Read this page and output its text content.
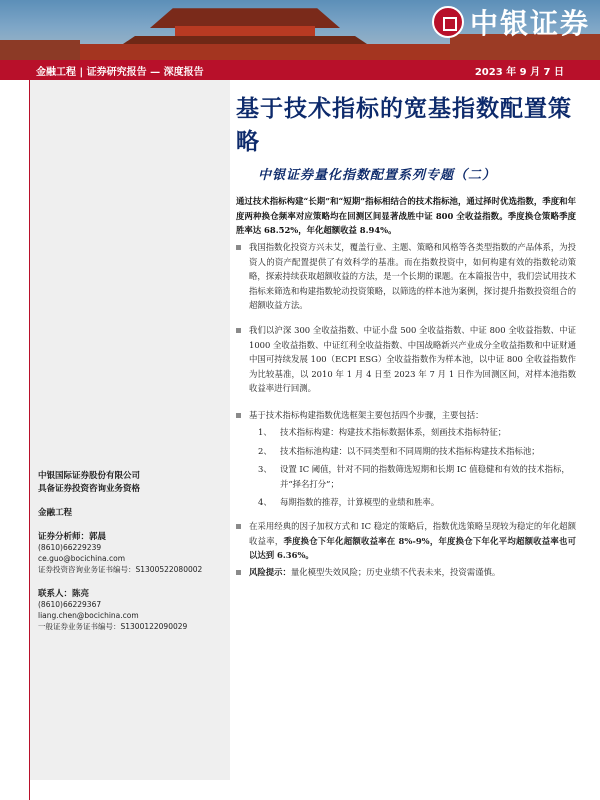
中银证券
金融工程 | 证券研究报告 — 深度报告	2023 年 9 月 7 日
基于技术指标的宽基指数配置策略
中银证券量化指数配置系列专题（二）
通过技术指标构建“长期”和“短期”指标相结合的技术指标池，通过择时优选指数，季度和年度两种换仓频率对应策略均在回测区间显著战胜中证 800 全收益指数。季度换仓策略季度胜率达 68.52%，年化超额收益 8.94%。
我国指数化投资方兴未艾，覆盖行业、主题、策略和风格等各类型指数的产品体系，为投资人的资产配置提供了有效科学的基准。而在指数投资中，如何构建有效的指数轮动策略，探索持续获取超额收益的方法，是一个长期的课题。在本篇报告中，我们尝试用技术指标来筛选和构建指数轮动投资策略，以筛选的样本池为案例，探讨提升指数投资组合的超额收益方法。
我们以沪深 300 全收益指数、中证小盘 500 全收益指数、中证 800 全收益指数、中证 1000 全收益指数、中证红利全收益指数、中国战略新兴产业成分全收益指数和中证财通中国可持续发展 100（ECPI ESG）全收益指数作为样本池，以中证 800 全收益指数作为比较基准，以 2010 年 1 月 4 日至 2023 年 7 月 1 日作为回测区间，对样本池指数收益率进行回测。
基于技术指标构建指数优选框架主要包括四个步骤，主要包括：
1、 技术指标构建：构建技术指标数据体系，刻画技术指标特征；
2、 技术指标池构建：以不同类型和不同周期的技术指标构建技术指标池；
3、 设置 IC 阈值，针对不同的指数筛选短期和长期 IC 值稳健和有效的技术指标，并“择名打分”；
4、 每期指数的推荐，计算模型的业绩和胜率。
在采用经典的因子加权方式和 IC 稳定的策略后，指数优选策略呈现较为稳定的年化超额收益率，季度换仓下年化超额收益率在 8%-9%，年度换仓下年化平均超额收益率也可以达到 6.36%。
风险提示：量化模型失效风险；历史业绩不代表未来，投资需谨慎。
中银国际证券股份有限公司
具备证券投资咨询业务资格
金融工程
证券分析师：郭晨
(8610)66229239
ce.guo@bocichina.com
证券投资咨询业务证书编号：S1300522080002
联系人：陈亮
(8610)66229367
liang.chen@bocichina.com
一般证券业务证书编号：S1300122090029
